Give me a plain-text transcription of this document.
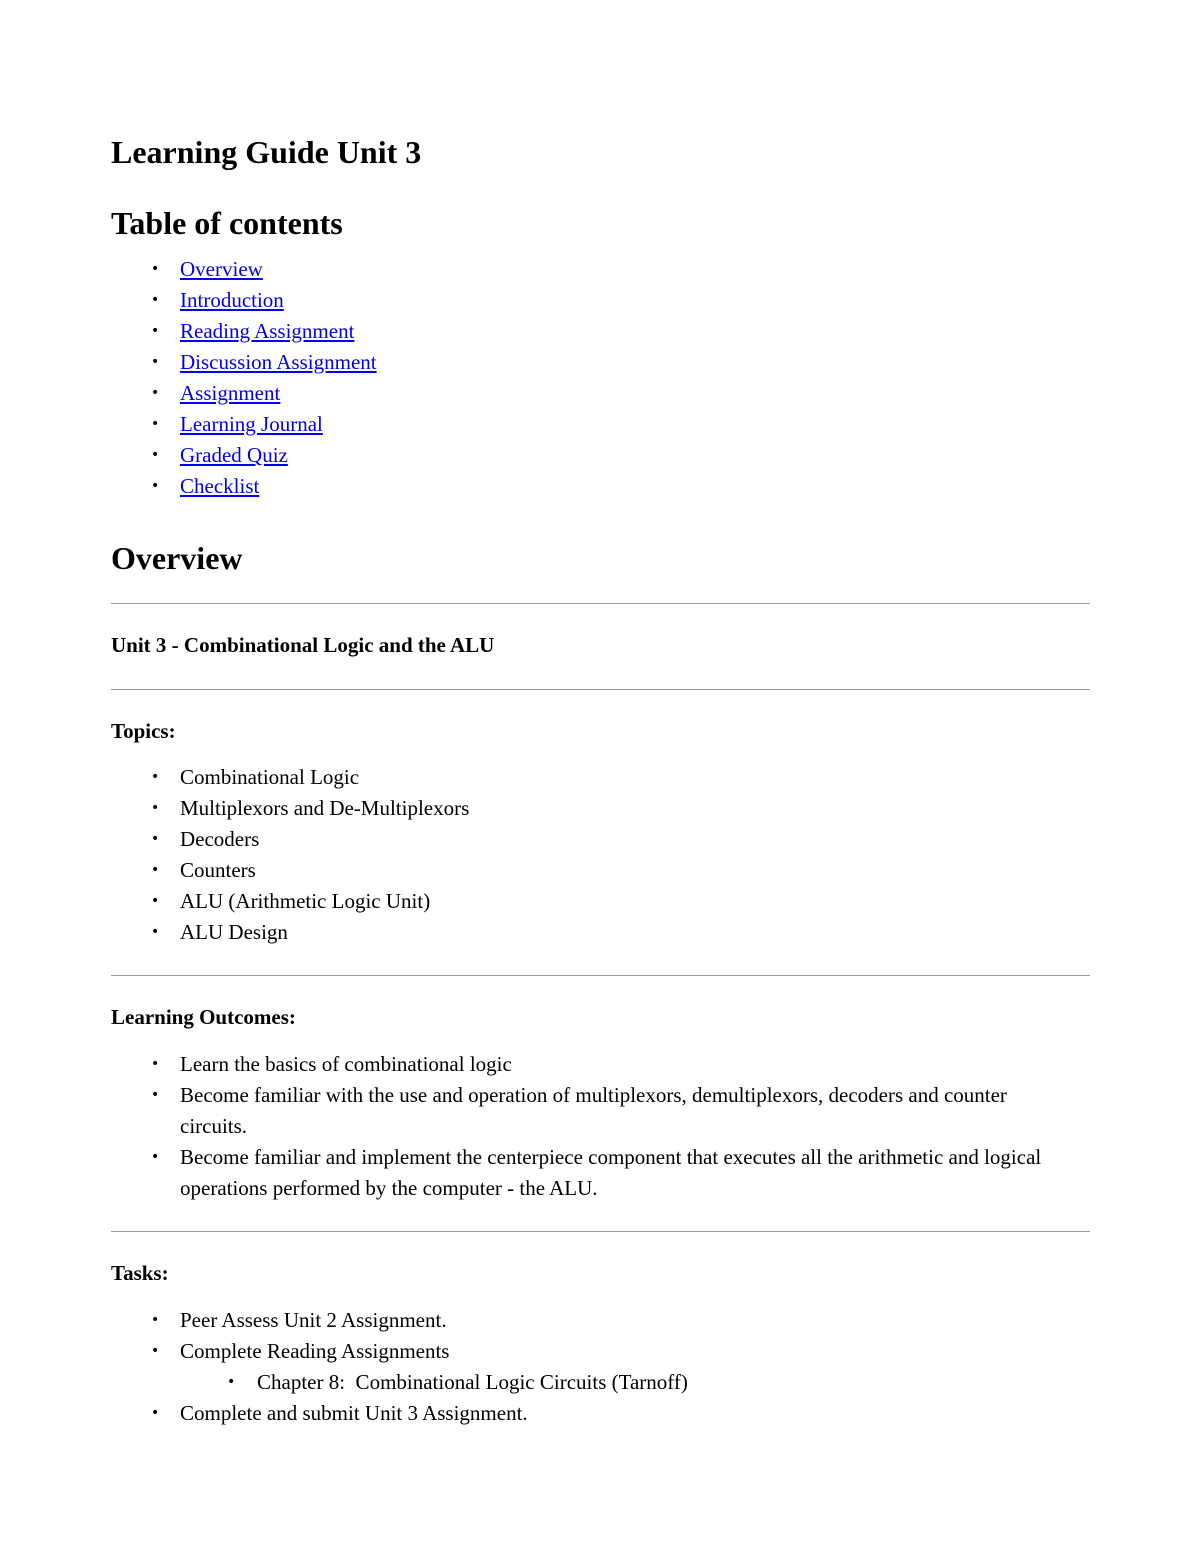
Learning Guide Unit 3
Table of contents
• Overview
• Introduction
• Reading Assignment
• Discussion Assignment
• Assignment
• Learning Journal
• Graded Quiz
• Checklist
Overview
Unit 3 - Combinational Logic and the ALU
Topics:
• Combinational Logic
• Multiplexors and De-Multiplexors
• Decoders
• Counters
• ALU (Arithmetic Logic Unit)
• ALU Design
Learning Outcomes:
• Learn the basics of combinational logic
• Become familiar with the use and operation of multiplexors, demultiplexors, decoders and counter circuits.
• Become familiar and implement the centerpiece component that executes all the arithmetic and logical operations performed by the computer - the ALU.
Tasks:
• Peer Assess Unit 2 Assignment.
• Complete Reading Assignments
• Chapter 8:  Combinational Logic Circuits (Tarnoff)
• Complete and submit Unit 3 Assignment.
